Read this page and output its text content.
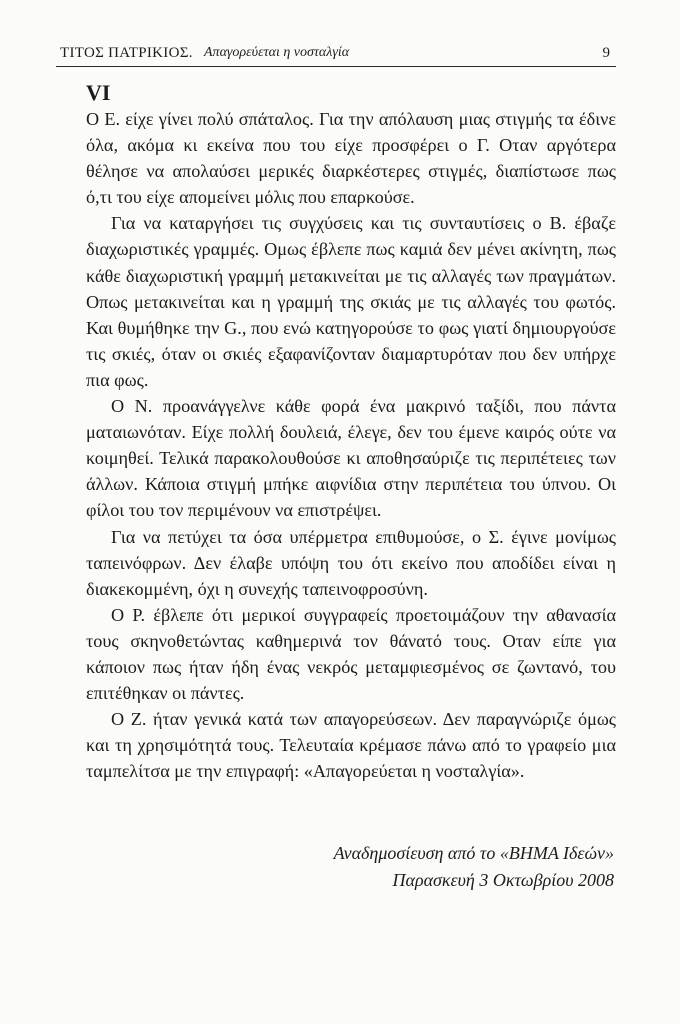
ΤΙΤΟΣ ΠΑΤΡΙΚΙΟΣ. Απαγορεύεται η νοσταλγία	9
VI

Ο Ε. είχε γίνει πολύ σπάταλος. Για την απόλαυση μιας στιγμής τα έδινε όλα, ακόμα κι εκείνα που του είχε προσφέρει ο Γ. Οταν αργότερα θέλησε να απολαύσει μερικές διαρκέστερες στιγμές, διαπίστωσε πως ό,τι του είχε απομείνει μόλις που επαρκούσε.

Για να καταργήσει τις συγχύσεις και τις συνταυτίσεις ο Β. έβαζε διαχωριστικές γραμμές. Ομως έβλεπε πως καμιά δεν μένει ακίνητη, πως κάθε διαχωριστική γραμμή μετακινείται με τις αλλαγές των πραγμάτων. Οπως μετακινείται και η γραμμή της σκιάς με τις αλλαγές του φωτός. Και θυμήθηκε την G., που ενώ κατηγορούσε το φως γιατί δημιουργούσε τις σκιές, όταν οι σκιές εξαφανίζονταν διαμαρτυρόταν που δεν υπήρχε πια φως.

Ο Ν. προανάγγελνε κάθε φορά ένα μακρινό ταξίδι, που πάντα ματαιωνόταν. Είχε πολλή δουλειά, έλεγε, δεν του έμενε καιρός ούτε να κοιμηθεί. Τελικά παρακολουθούσε κι αποθησαύριζε τις περιπέτειες των άλλων. Κάποια στιγμή μπήκε αιφνίδια στην περιπέτεια του ύπνου. Οι φίλοι του τον περιμένουν να επιστρέψει.

Για να πετύχει τα όσα υπέρμετρα επιθυμούσε, ο Σ. έγινε μονίμως ταπεινόφρων. Δεν έλαβε υπόψη του ότι εκείνο που αποδίδει είναι η διακεκομμένη, όχι η συνεχής ταπεινοφροσύνη.

Ο Ρ. έβλεπε ότι μερικοί συγγραφείς προετοιμάζουν την αθανασία τους σκηνοθετώντας καθημερινά τον θάνατό τους. Οταν είπε για κάποιον πως ήταν ήδη ένας νεκρός μεταμφιεσμένος σε ζωντανό, του επιτέθηκαν οι πάντες.

Ο Ζ. ήταν γενικά κατά των απαγορεύσεων. Δεν παραγνώριζε όμως και τη χρησιμότητά τους. Τελευταία κρέμασε πάνω από το γραφείο μια ταμπελίτσα με την επιγραφή: «Απαγορεύεται η νοσταλγία».

Αναδημοσίευση από το «ΒΗΜΑ Ιδεών»
Παρασκευή 3 Οκτωβρίου 2008
